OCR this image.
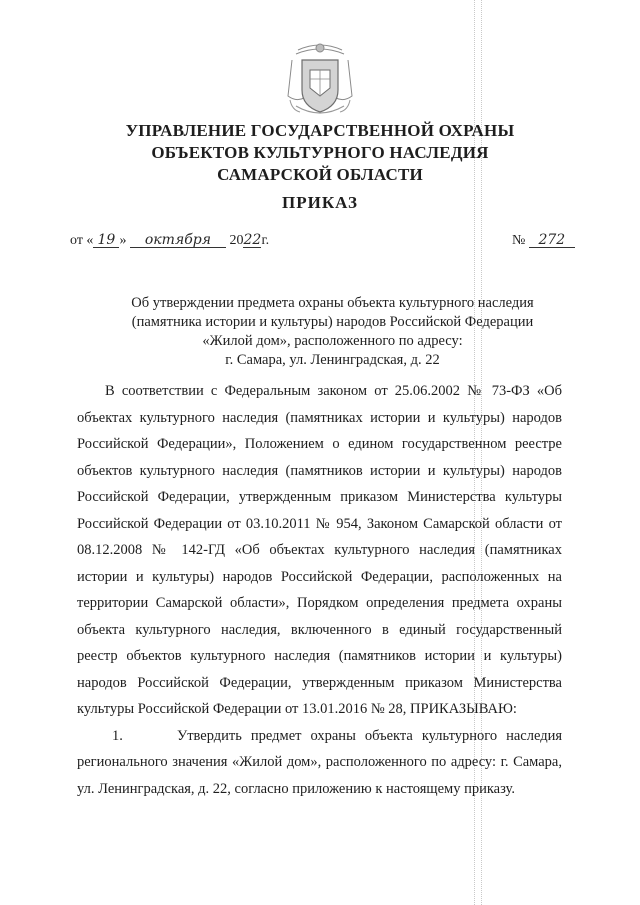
УПРАВЛЕНИЕ ГОСУДАРСТВЕННОЙ ОХРАНЫ
ОБЪЕКТОВ КУЛЬТУРНОГО НАСЛЕДИЯ
САМАРСКОЙ ОБЛАСТИ
ПРИКАЗ
от « 19 » октября 2022г.	№ 272
Об утверждении предмета охраны объекта культурного наследия
(памятника истории и культуры) народов Российской Федерации
«Жилой дом», расположенного по адресу:
г. Самара, ул. Ленинградская, д. 22

В соответствии с Федеральным законом от 25.06.2002 № 73-ФЗ «Об объектах культурного наследия (памятниках истории и культуры) народов Российской Федерации», Положением о едином государственном реестре объектов культурного наследия (памятников истории и культуры) народов Российской Федерации, утвержденным приказом Министерства культуры Российской Федерации от 03.10.2011 № 954, Законом Самарской области от 08.12.2008 № 142-ГД «Об объектах культурного наследия (памятниках истории и культуры) народов Российской Федерации, расположенных на территории Самарской области», Порядком определения предмета охраны объекта культурного наследия, включенного в единый государственный реестр объектов культурного наследия (памятников истории и культуры) народов Российской Федерации, утвержденным приказом Министерства культуры Российской Федерации от 13.01.2016 № 28, ПРИКАЗЫВАЮ:

1.	Утвердить предмет охраны объекта культурного наследия регионального значения «Жилой дом», расположенного по адресу: г. Самара, ул. Ленинградская, д. 22, согласно приложению к настоящему приказу.
